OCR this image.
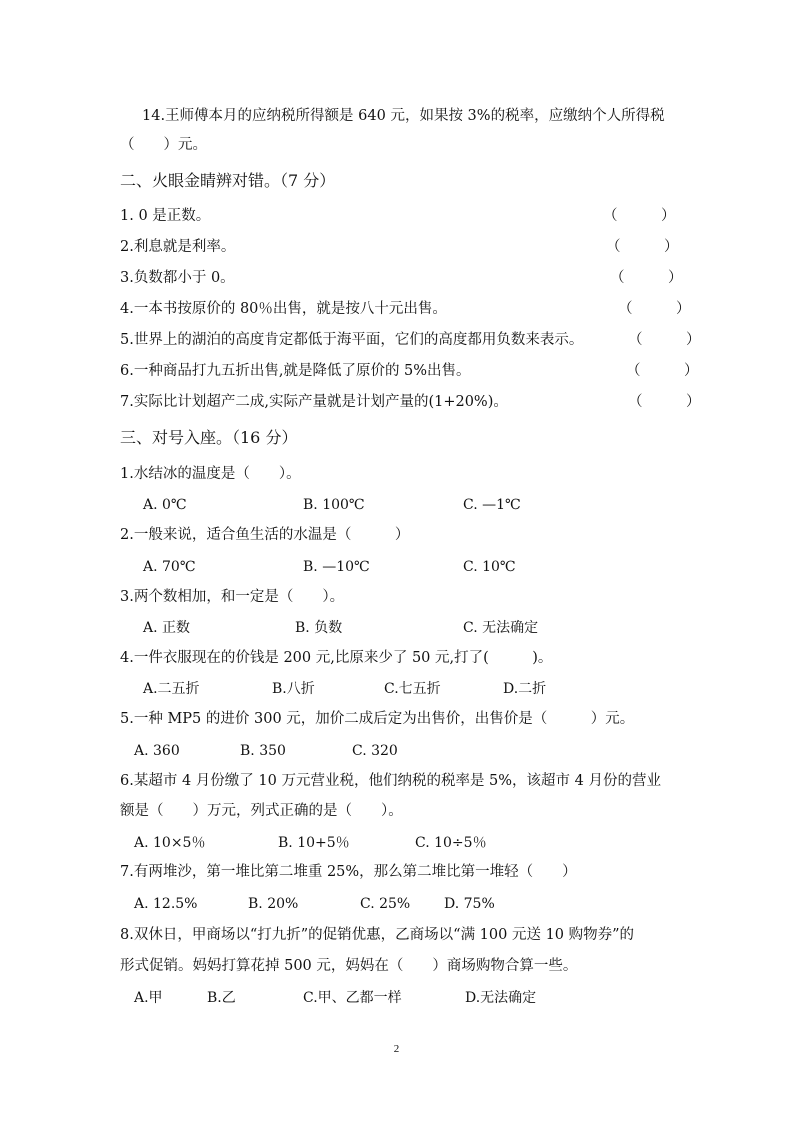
14.王师傅本月的应纳税所得额是 640 元，如果按 3%的税率，应缴纳个人所得税
（　　）元。
二、火眼金睛辨对错。（7 分）
1. 0 是正数。	（　　　）
2.利息就是利率。	（　　　）
3.负数都小于 0。	（　　　）
4.一本书按原价的 80％出售，就是按八十元出售。	（　　　）
5.世界上的湖泊的高度肯定都低于海平面，它们的高度都用负数来表示。	（　　　）
6.一种商品打九五折出售,就是降低了原价的 5%出售。	（　　　）
7.实际比计划超产二成,实际产量就是计划产量的(1+20%)。	（　　　）
三、对号入座。（16 分）
1.水结冰的温度是（　　）。
A. 0℃	B. 100℃	C. —1℃
2.一般来说，适合鱼生活的水温是（　　　）
A. 70℃	B. —10℃	C. 10℃
3.两个数相加，和一定是（　　）。
A. 正数	B. 负数	C. 无法确定
4.一件衣服现在的价钱是 200 元,比原来少了 50 元,打了(　　　)。
A.二五折	B.八折	C.七五折	D.二折
5.一种 MP5 的进价 300 元，加价二成后定为出售价，出售价是（　　　）元。
A. 360	B. 350	C. 320
6.某超市 4 月份缴了 10 万元营业税，他们纳税的税率是 5%，该超市 4 月份的营业
额是（　　）万元，列式正确的是（　　）。
A. 10×5％	B. 10+5％	C. 10÷5％
7.有两堆沙，第一堆比第二堆重 25%，那么第二堆比第一堆轻（　　）
A. 12.5%	B. 20%	C. 25% D. 75%
8.双休日，甲商场以“打九折”的促销优惠，乙商场以“满 100 元送 10 购物券”的
形式促销。妈妈打算花掉 500 元，妈妈在（　　）商场购物合算一些。
A.甲	B.乙	C.甲、乙都一样	D.无法确定
2
